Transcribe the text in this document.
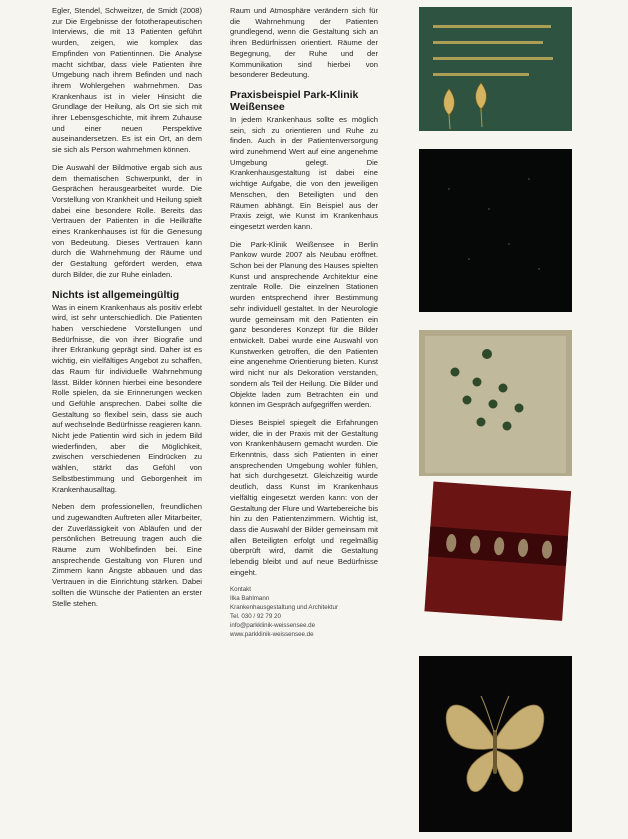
Egler, Stendel, Schweitzer, de Smidt (2008) zur Die Ergebnisse der fototherapeutischen Interviews, die mit 13 Patienten geführt wurden, zeigen, wie komplex das Empfinden von Patientinnen. Die Analyse macht sichtbar, dass viele Patienten ihre Umgebung nach ihrem Befinden und nach ihrem Wohlergehen wahrnehmen. Das Krankenhaus ist in vieler Hinsicht die Grundlage der Heilung, als Ort sie sich mit ihrer Lebensgeschichte, mit ihrem Zuhause und einer neuen Perspektive auseinandersetzen. Es ist ein Ort, an dem sie sich als Person wahrnehmen können.

Die Auswahl der Bildmotive ergab sich aus dem thematischen Schwerpunkt, der in Gesprächen herausgearbeitet wurde. Die Vorstellung von Krankheit und Heilung spielt dabei eine besondere Rolle. Bereits das Vertrauen der Patienten in die Heilkräfte eines Krankenhauses ist für die Genesung von Bedeutung. Dieses Vertrauen kann durch die Wahrnehmung der Räume und der Gestaltung gefördert werden, etwa durch Bilder, die zur Ruhe einladen.

Nichts ist allgemeingültig

Was in einem Krankenhaus als positiv erlebt wird, ist sehr unterschiedlich. Die Patienten haben verschiedene Vorstellungen und Bedürfnisse, die von ihrer Biografie und ihrer Erkrankung geprägt sind. Daher ist es wichtig, ein vielfältiges Angebot zu schaffen, das Raum für individuelle Wahrnehmung lässt. Bilder können hierbei eine besondere Rolle spielen, da sie Erinnerungen wecken und Gefühle ansprechen. Dabei sollte die Gestaltung so flexibel sein, dass sie auch auf wechselnde Bedürfnisse reagieren kann. Nicht jede Patientin wird sich in jedem Bild wiederfinden, aber die Möglichkeit, zwischen verschiedenen Eindrücken zu wählen, stärkt das Gefühl von Selbstbestimmung und Geborgenheit im Krankenhausalltag.

Neben dem professionellen, freundlichen und zugewandten Auftreten aller Mitarbeiter, der Zuverlässigkeit von Abläufen und der persönlichen Betreuung tragen auch die Räume zum Wohlbefinden bei. Eine ansprechende Gestaltung von Fluren und Zimmern kann Ängste abbauen und das Vertrauen in die Einrichtung stärken. Dabei sollten die Wünsche der Patienten an erster Stelle stehen.

Raum und Atmosphäre verändern sich für die Wahrnehmung der Patienten grundlegend, wenn die Gestaltung sich an ihren Bedürfnissen orientiert. Räume der Begegnung, der Ruhe und der Kommunikation sind hierbei von besonderer Bedeutung.

Praxisbeispiel Park-Klinik Weißensee

In jedem Krankenhaus sollte es möglich sein, sich zu orientieren und Ruhe zu finden. Auch in der Patientenversorgung wird zunehmend Wert auf eine angenehme Umgebung gelegt. Die Krankenhausgestaltung ist dabei eine wichtige Aufgabe, die von den jeweiligen Menschen, den Beteiligten und den Räumen abhängt. Ein Beispiel aus der Praxis zeigt, wie Kunst im Krankenhaus eingesetzt werden kann.

Die Park-Klinik Weißensee in Berlin Pankow wurde 2007 als Neubau eröffnet. Schon bei der Planung des Hauses spielten Kunst und ansprechende Architektur eine zentrale Rolle. Die einzelnen Stationen wurden entsprechend ihrer Bestimmung sehr individuell gestaltet. In der Neurologie wurde gemeinsam mit den Patienten ein ganz besonderes Konzept für die Bilder entwickelt. Dabei wurde eine Auswahl von Kunstwerken getroffen, die den Patienten eine angenehme Orientierung bieten. Kunst wird nicht nur als Dekoration verstanden, sondern als Teil der Heilung. Die Bilder und Objekte laden zum Betrachten ein und können im Gespräch aufgegriffen werden.

Dieses Beispiel spiegelt die Erfahrungen wider, die in der Praxis mit der Gestaltung von Krankenhäusern gemacht wurden. Die Erkenntnis, dass sich Patienten in einer ansprechenden Umgebung wohler fühlen, hat sich durchgesetzt. Gleichzeitig wurde deutlich, dass Kunst im Krankenhaus vielfältig eingesetzt werden kann: von der Gestaltung der Flure und Wartebereiche bis hin zu den Patientenzimmern. Wichtig ist, dass die Auswahl der Bilder gemeinsam mit allen Beteiligten erfolgt und regelmäßig überprüft wird, damit die Gestaltung lebendig bleibt und auf neue Bedürfnisse eingeht.

Kontakt
Ilka Bahlmann
Krankenhausgestaltung und Architektur
Tel. 030 / 92 79 20
info@parkklinik-weissensee.de
www.parkklinik-weissensee.de
